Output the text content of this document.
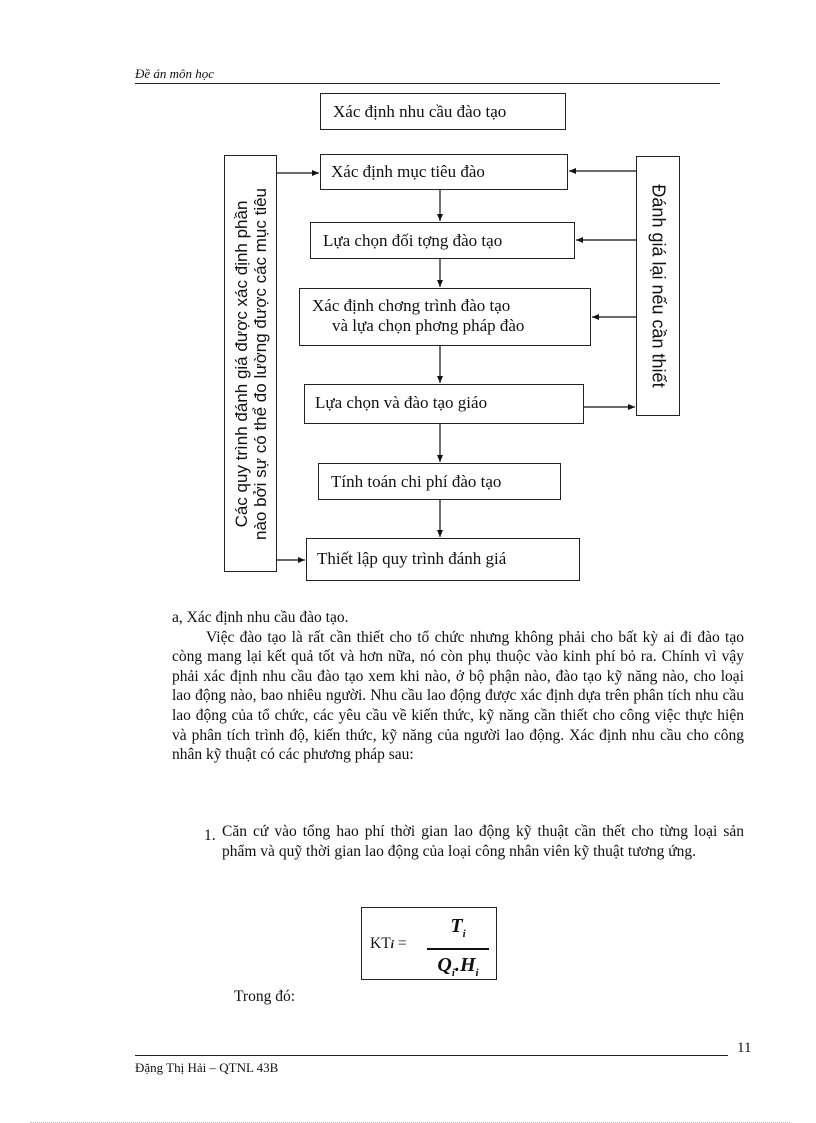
Đề án môn học
Xác định nhu cầu đào tạo
Xác định mục tiêu đào
Lựa chọn đối tợng đào tạo
Xác định chơng trình đào tạo
và lựa chọn phơng pháp đào
Lựa chọn và đào tạo giáo
Tính toán chi phí đào tạo
Thiết lập quy trình đánh giá
Các quy trình đánh giá được xác định phần nào bởi sự có thể đo lường được các mục tiêu	Đánh giá lại nếu cần thiết

a, Xác định nhu cầu đào tạo.

Việc đào tạo là rất cần thiết cho tổ chức nhưng không phải cho bất kỳ ai đi đào tạo còng mang lại kết quả tốt và hơn nữa, nó còn phụ thuộc vào kinh phí bỏ ra. Chính vì vậy phải xác định nhu cầu đào tạo xem khi nào, ở bộ phận nào, đào tạo kỹ năng nào, cho loại lao động nào, bao nhiêu người. Nhu cầu lao động được xác định dựa trên phân tích nhu cầu lao động của tổ chức, các yêu cầu về kiến thức, kỹ năng cần thiết cho công việc thực hiện và phân tích trình độ, kiến thức, kỹ năng của người lao động. Xác định nhu cầu cho công nhân kỹ thuật có các phương pháp sau:

1. Căn cứ vào tổng hao phí thời gian lao động kỹ thuật cần thết cho từng loại sản phẩm và quỹ thời gian lao động của loại công nhân viên kỹ thuật tương ứng.
KTi =
$T_i$
$Q_i.H_i$
Trong đó:
11
Đặng Thị Hải – QTNL 43B
